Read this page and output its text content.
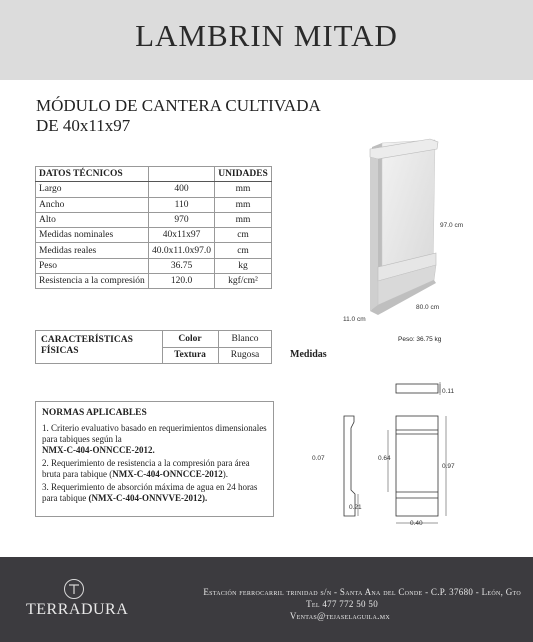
LAMBRIN MITAD
MÓDULO DE CANTERA CULTIVADA
DE 40x11x97
DATOS TÉCNICOS		UNIDADES
Largo	400	mm
Ancho	110	mm
Alto	970	mm
Medidas nominales	40x11x97	cm
Medidas reales	40.0x11.0x97.0	cm
Peso	36.75	kg
Resistencia a la compresión	120.0	kgf/cm²
CARACTERÍSTICAS
FÍSICAS
Color	Blanco
Textura	Rugosa	Medidas
97.0 cm
80.0 cm
11.0 cm
Peso: 36.75 kg
NORMAS APLICABLES

1. Criterio evaluativo basado en requerimientos dimensionales para tabiques según la
NMX-C-404-ONNCCE-2012.

2. Requerimiento de resistencia a la compresión para área bruta para tabique (NMX-C-404-ONNCCE-2012).

3. Requerimiento de absorción máxima de agua en 24 horas para tabique (NMX-C-404-ONNVVE-2012).

0.11
0.07	0.64
0.97
0.21
0.40
TERRADURA
Estación ferrocarril trinidad s/n - Santa Ana del Conde - C.P. 37680 - León, Gto
Tel 477 772 50 50
Ventas@tejaselaguila.mx
